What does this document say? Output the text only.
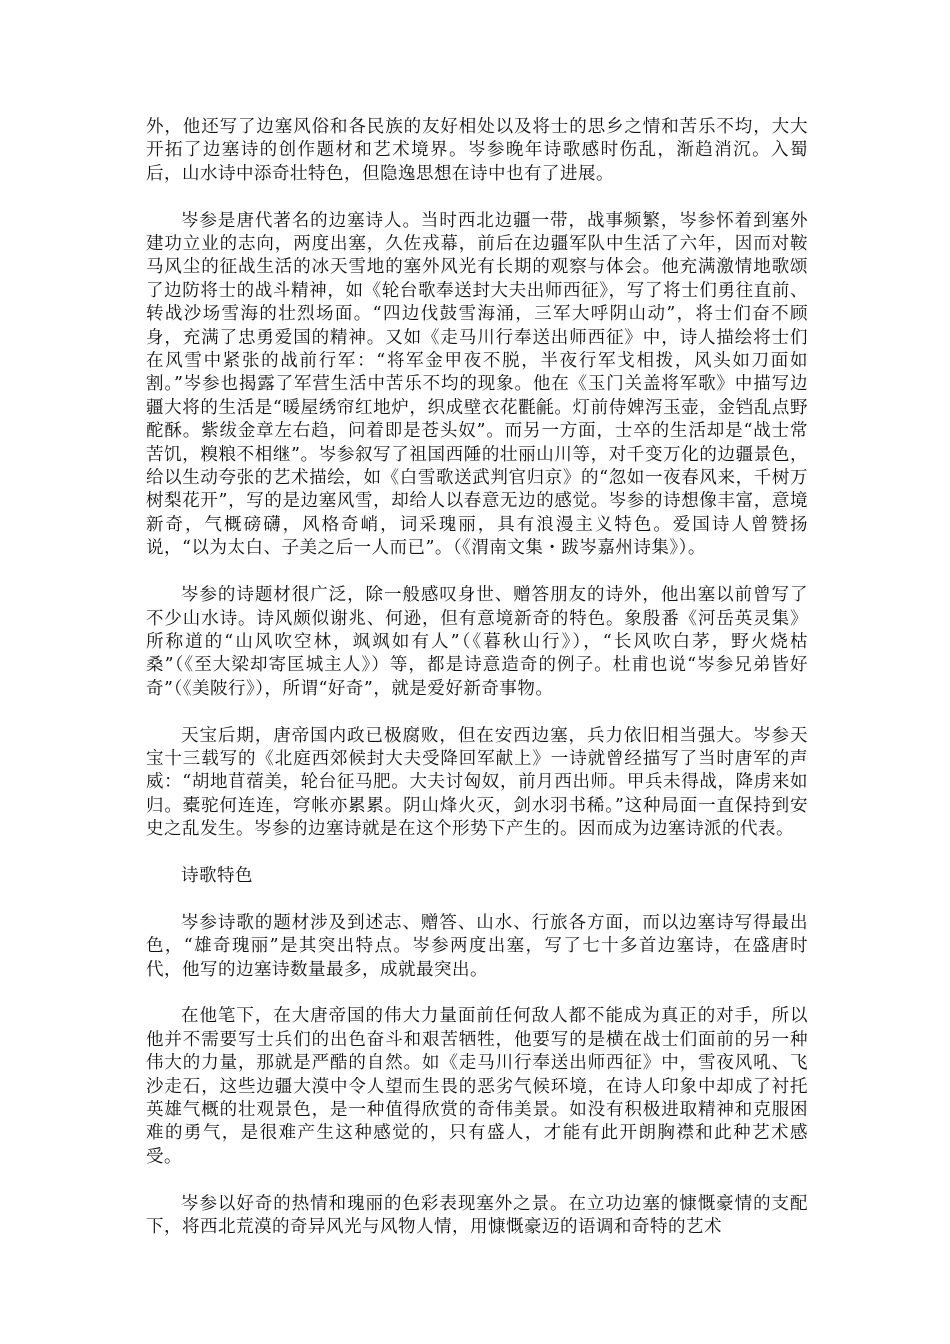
外，他还写了边塞风俗和各民族的友好相处以及将士的思乡之情和苦乐不均，大大开拓了边塞诗的创作题材和艺术境界。岑参晚年诗歌感时伤乱，渐趋消沉。入蜀后，山水诗中添奇壮特色，但隐逸思想在诗中也有了进展。

岑参是唐代著名的边塞诗人。当时西北边疆一带，战事频繁，岑参怀着到塞外建功立业的志向，两度出塞，久佐戎幕，前后在边疆军队中生活了六年，因而对鞍马风尘的征战生活的冰天雪地的塞外风光有长期的观察与体会。他充满激情地歌颂了边防将士的战斗精神，如《轮台歌奉送封大夫出师西征》，写了将士们勇往直前、转战沙场雪海的壮烈场面。“四边伐鼓雪海涌，三军大呼阴山动”，将士们奋不顾身，充满了忠勇爱国的精神。又如《走马川行奉送出师西征》中，诗人描绘将士们在风雪中紧张的战前行军：“将军金甲夜不脱，半夜行军戈相拨，风头如刀面如割。”岑参也揭露了军营生活中苦乐不均的现象。他在《玉门关盖将军歌》中描写边疆大将的生活是“暖屋绣帘红地炉，织成壁衣花氍毹。灯前侍婢泻玉壶，金铛乱点野酡酥。紫绂金章左右趋，问着即是苍头奴”。而另一方面，士卒的生活却是“战士常苦饥，糗粮不相继”。岑参叙写了祖国西陲的壮丽山川等，对千变万化的边疆景色，给以生动夸张的艺术描绘，如《白雪歌送武判官归京》的“忽如一夜春风来，千树万树梨花开”，写的是边塞风雪，却给人以春意无边的感觉。岑参的诗想像丰富，意境新奇，气概磅礴，风格奇峭，词采瑰丽，具有浪漫主义特色。爱国诗人曾赞扬说，“以为太白、子美之后一人而已”。（《渭南文集・跋岑嘉州诗集》）。

岑参的诗题材很广泛，除一般感叹身世、赠答朋友的诗外，他出塞以前曾写了不少山水诗。诗风颇似谢兆、何逊，但有意境新奇的特色。象殷番《河岳英灵集》所称道的“山风吹空林，飒飒如有人”（《暮秋山行》），“长风吹白茅，野火烧枯桑”（《至大梁却寄匡城主人》）等，都是诗意造奇的例子。杜甫也说“岑参兄弟皆好奇”（《美陂行》），所谓“好奇”，就是爱好新奇事物。

天宝后期，唐帝国内政已极腐败，但在安西边塞，兵力依旧相当强大。岑参天宝十三载写的《北庭西郊候封大夫受降回军献上》一诗就曾经描写了当时唐军的声威：“胡地苜蓿美，轮台征马肥。大夫讨匈奴，前月西出师。甲兵未得战，降虏来如归。橐驼何连连，穹帐亦累累。阴山烽火灭，剑水羽书稀。”这种局面一直保持到安史之乱发生。岑参的边塞诗就是在这个形势下产生的。因而成为边塞诗派的代表。

诗歌特色

岑参诗歌的题材涉及到述志、赠答、山水、行旅各方面，而以边塞诗写得最出色，“雄奇瑰丽”是其突出特点。岑参两度出塞，写了七十多首边塞诗，在盛唐时代，他写的边塞诗数量最多，成就最突出。

在他笔下，在大唐帝国的伟大力量面前任何敌人都不能成为真正的对手，所以他并不需要写士兵们的出色奋斗和艰苦牺牲，他要写的是横在战士们面前的另一种伟大的力量，那就是严酷的自然。如《走马川行奉送出师西征》中，雪夜风吼、飞沙走石，这些边疆大漠中令人望而生畏的恶劣气候环境，在诗人印象中却成了衬托英雄气概的壮观景色，是一种值得欣赏的奇伟美景。如没有积极进取精神和克服困难的勇气，是很难产生这种感觉的，只有盛人，才能有此开朗胸襟和此种艺术感受。

岑参以好奇的热情和瑰丽的色彩表现塞外之景。在立功边塞的慷慨豪情的支配下，将西北荒漠的奇异风光与风物人情，用慷慨豪迈的语调和奇特的艺术
